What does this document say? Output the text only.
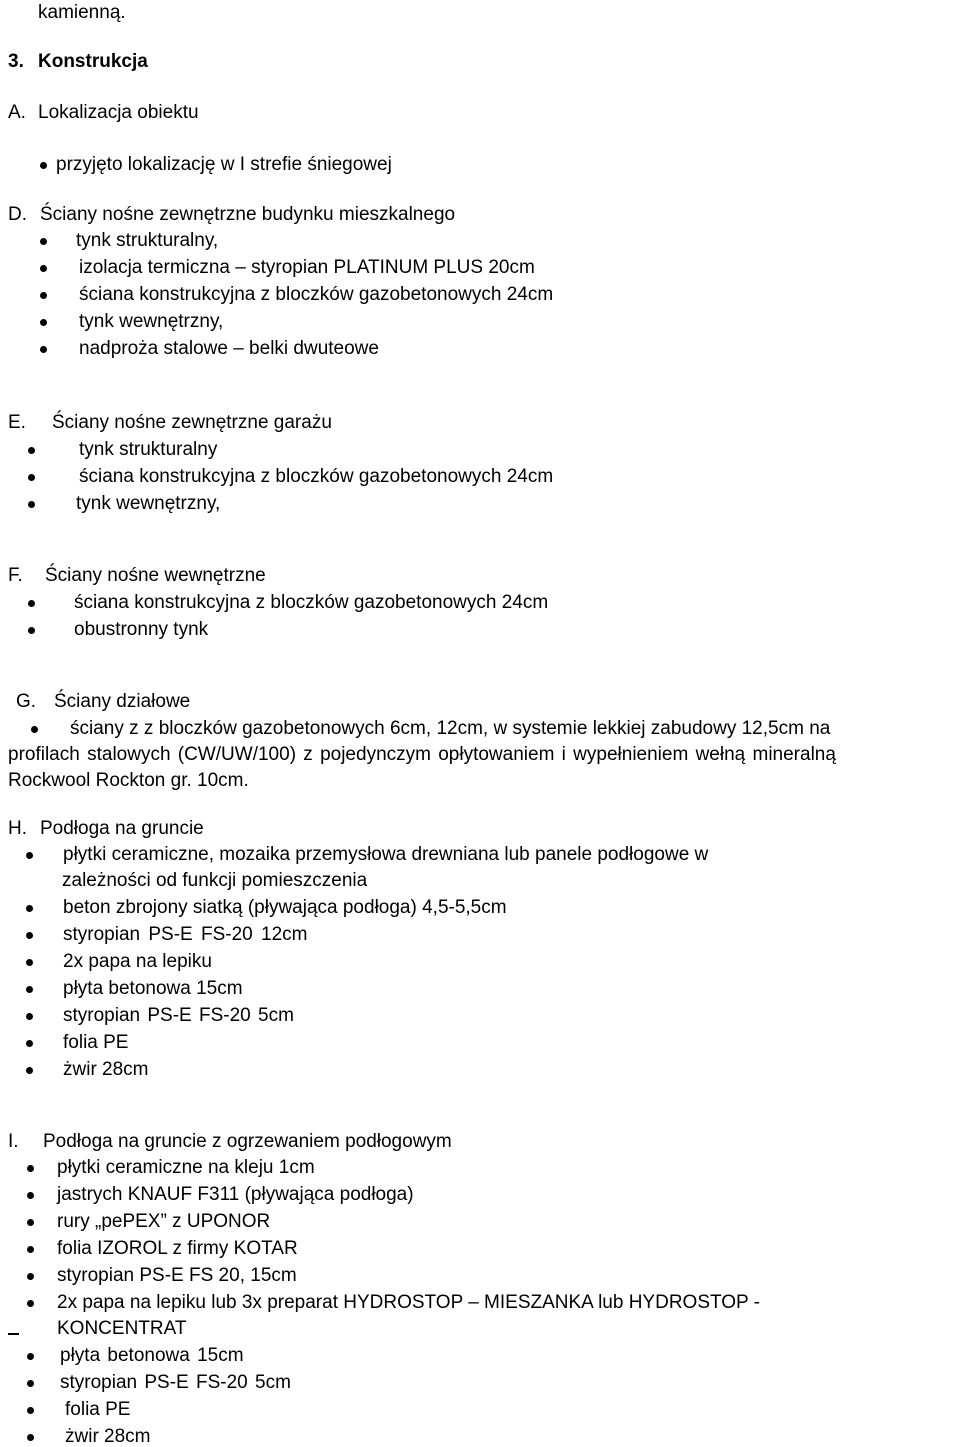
kamienną.
3. Konstrukcja
A. Lokalizacja obiektu
przyjęto lokalizację w I strefie śniegowej
D. Ściany nośne zewnętrzne budynku mieszkalnego
tynk strukturalny,
izolacja termiczna – styropian PLATINUM PLUS 20cm
ściana konstrukcyjna z bloczków gazobetonowych 24cm
tynk wewnętrzny,
nadproża stalowe – belki dwuteowe
E. Ściany nośne zewnętrzne garażu
tynk strukturalny
ściana konstrukcyjna z bloczków gazobetonowych 24cm
tynk wewnętrzny,
F. Ściany nośne wewnętrzne
ściana konstrukcyjna z bloczków gazobetonowych 24cm
obustronny tynk
G. Ściany działowe
ściany z z bloczków gazobetonowych 6cm, 12cm, w systemie lekkiej zabudowy 12,5cm na
profilach stalowych (CW/UW/100) z pojedynczym opłytowaniem i wypełnieniem wełną mineralną
Rockwool Rockton gr. 10cm.
H. Podłoga na gruncie
płytki ceramiczne, mozaika przemysłowa drewniana lub panele podłogowe w
zależności od funkcji pomieszczenia
beton zbrojony siatką (pływająca podłoga) 4,5-5,5cm
styropian PS-E FS-20 12cm
2x papa na lepiku
płyta betonowa 15cm
styropian PS-E FS-20 5cm
folia PE
żwir 28cm
I. Podłoga na gruncie z ogrzewaniem podłogowym
płytki ceramiczne na kleju 1cm
jastrych KNAUF F311 (pływająca podłoga)
rury „pePEX” z UPONOR
folia IZOROL z firmy KOTAR
styropian PS-E FS 20, 15cm
2x papa na lepiku lub 3x preparat HYDROSTOP – MIESZANKA lub HYDROSTOP -
KONCENTRAT
płyta betonowa 15cm
styropian PS-E FS-20 5cm
folia PE
żwir 28cm
